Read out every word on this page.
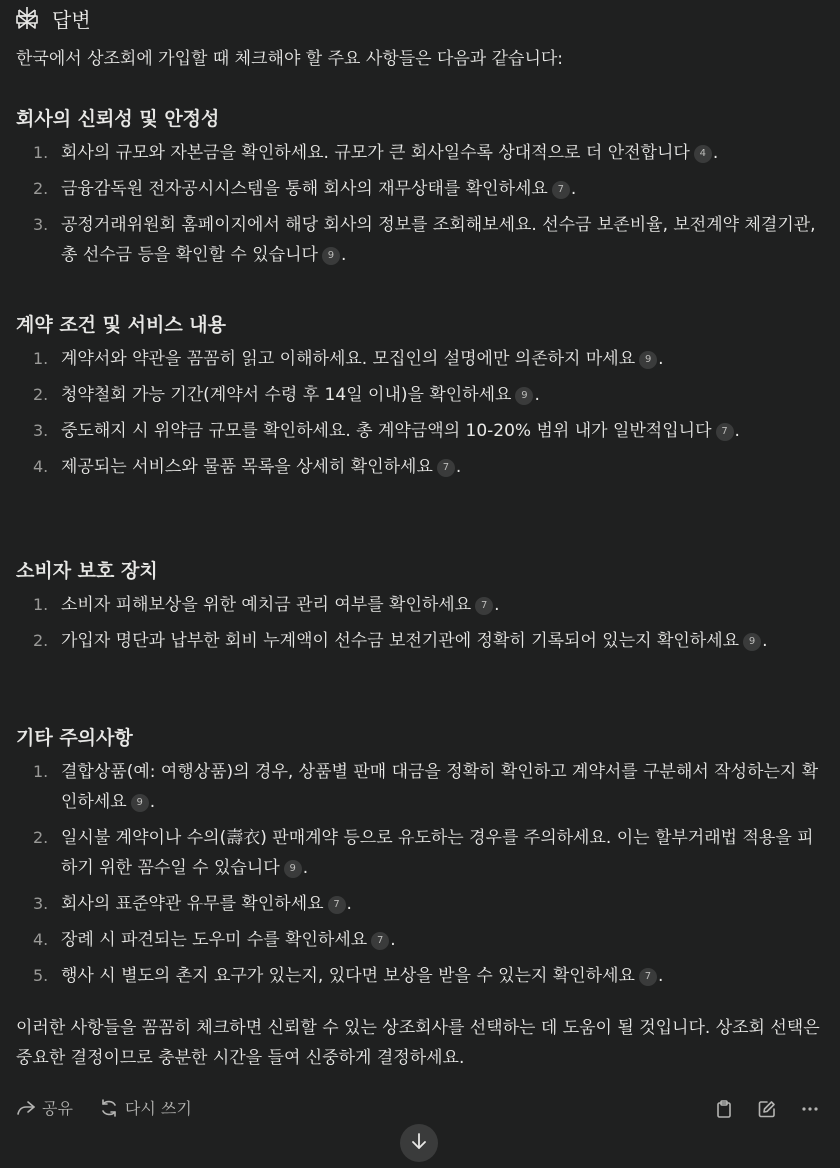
답변
한국에서 상조회에 가입할 때 체크해야 할 주요 사항들은 다음과 같습니다:
회사의 신뢰성 및 안정성
1. 회사의 규모와 자본금을 확인하세요. 규모가 큰 회사일수록 상대적으로 더 안전합니다 4 .
2. 금융감독원 전자공시시스템을 통해 회사의 재무상태를 확인하세요 7 .
3. 공정거래위원회 홈페이지에서 해당 회사의 정보를 조회해보세요. 선수금 보존비율, 보전계약 체결기관, 총 선수금 등을 확인할 수 있습니다 9 .
계약 조건 및 서비스 내용
1. 계약서와 약관을 꼼꼼히 읽고 이해하세요. 모집인의 설명에만 의존하지 마세요 9 .
2. 청약철회 가능 기간(계약서 수령 후 14일 이내)을 확인하세요 9 .
3. 중도해지 시 위약금 규모를 확인하세요. 총 계약금액의 10-20% 범위 내가 일반적입니다 7 .
4. 제공되는 서비스와 물품 목록을 상세히 확인하세요 7 .
소비자 보호 장치
1. 소비자 피해보상을 위한 예치금 관리 여부를 확인하세요 7 .
2. 가입자 명단과 납부한 회비 누계액이 선수금 보전기관에 정확히 기록되어 있는지 확인하세요 9 .
기타 주의사항
1. 결합상품(예: 여행상품)의 경우, 상품별 판매 대금을 정확히 확인하고 계약서를 구분해서 작성하는지 확인하세요 9 .
2. 일시불 계약이나 수의(壽衣) 판매계약 등으로 유도하는 경우를 주의하세요. 이는 할부거래법 적용을 피하기 위한 꼼수일 수 있습니다 9 .
3. 회사의 표준약관 유무를 확인하세요 7 .
4. 장례 시 파견되는 도우미 수를 확인하세요 7 .
5. 행사 시 별도의 촌지 요구가 있는지, 있다면 보상을 받을 수 있는지 확인하세요 7 .
이러한 사항들을 꼼꼼히 체크하면 신뢰할 수 있는 상조회사를 선택하는 데 도움이 될 것입니다. 상조회 선택은 중요한 결정이므로 충분한 시간을 들여 신중하게 결정하세요.
공유	다시 쓰기
